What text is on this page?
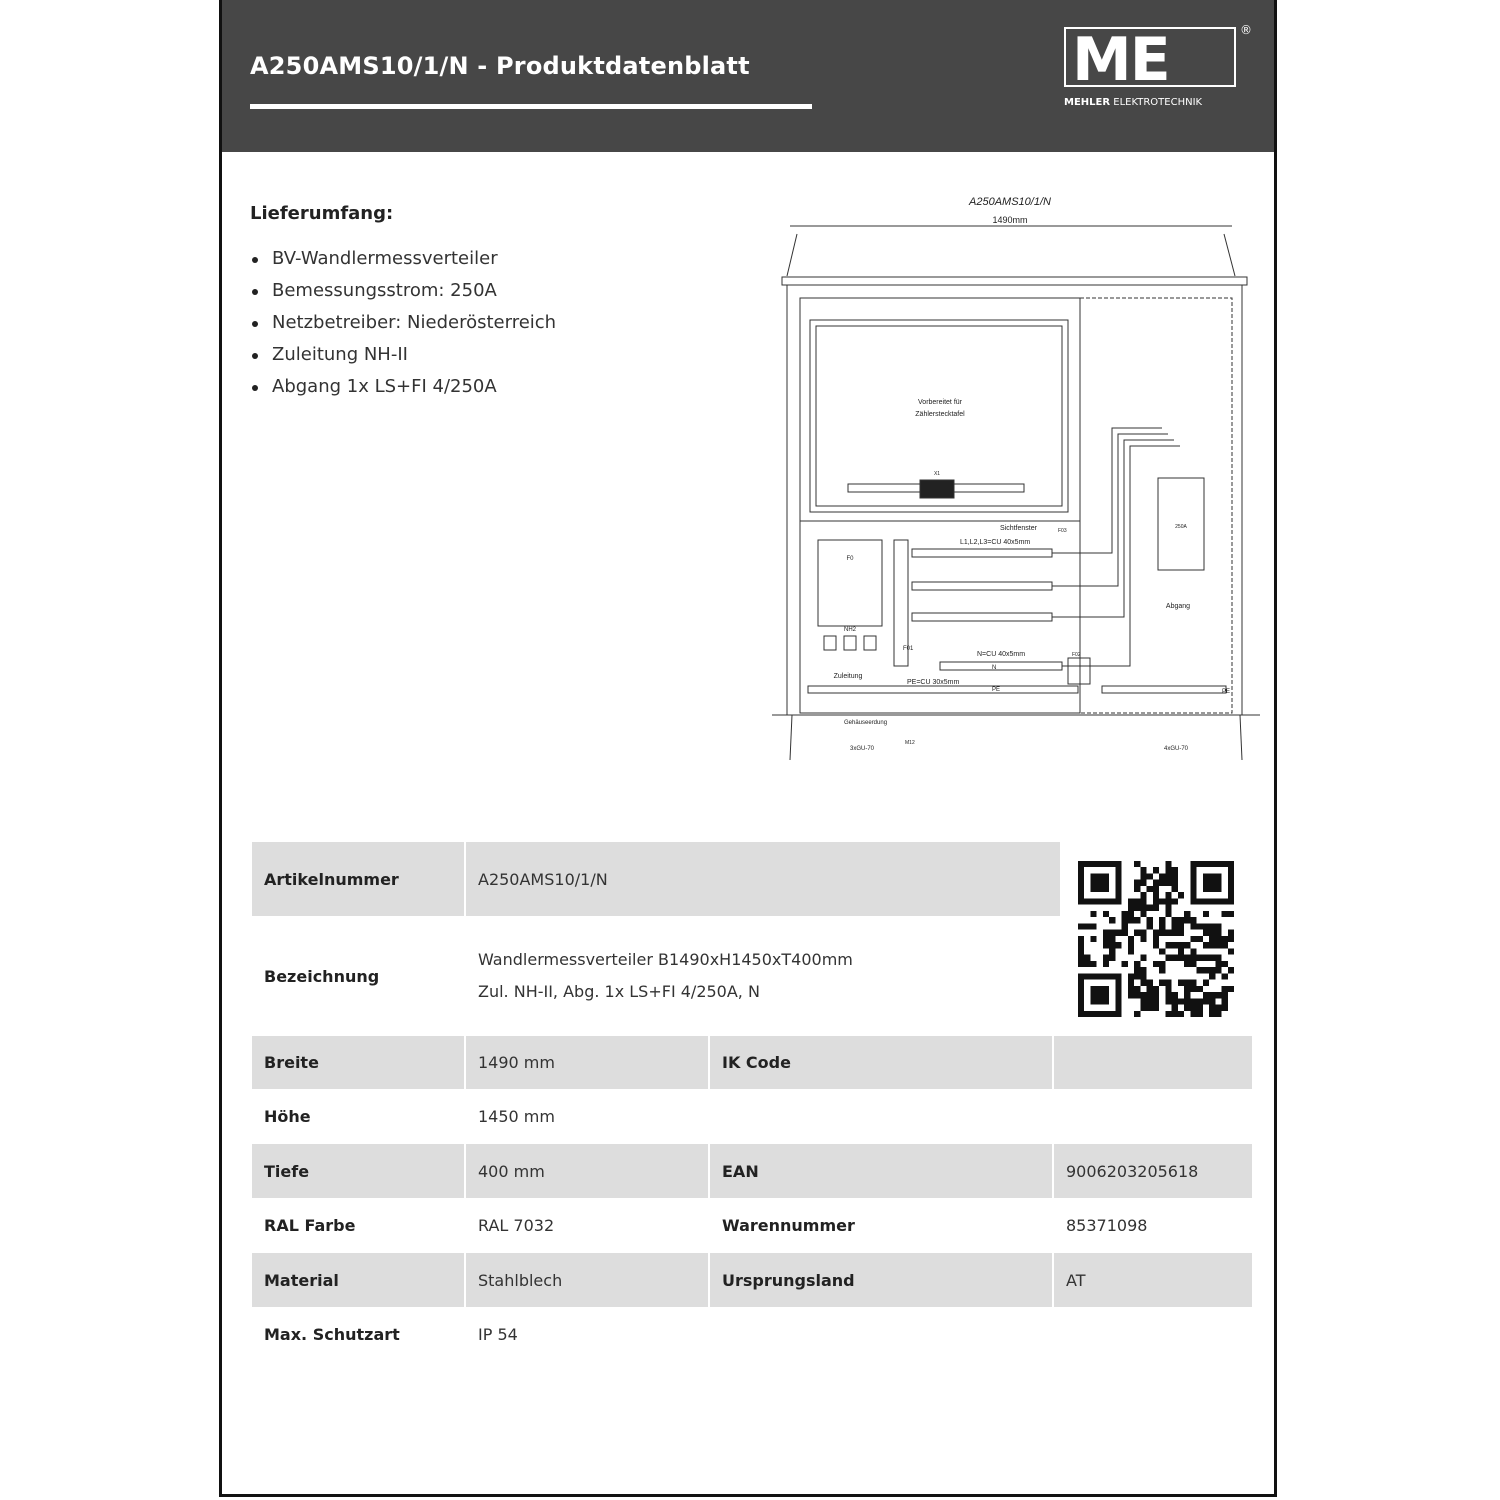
A250AMS10/1/N - Produktdatenblatt	ME	®
MEHLER ELEKTROTECHNIK
Lieferumfang:
BV-Wandlermessverteiler
Bemessungsstrom: 250A
Netzbetreiber: Niederösterreich
Zuleitung NH-II
Abgang 1x LS+FI 4/250A
A250AMS10/1/N
1490mm
Vorbereitet für
Zählerstecktafel
X1
F0
NH2
Zuleitung
F01
L1,L2,L3=CU 40x5mm
Sichtfenster	F03
N=CU 40x5mm
N
PE=CU 30x5mm
PE	PE
F02
250A
Abgang
Gehäuseerdung
3xGU-70
M12
4xGU-70
Artikelnummer	A250AMS10/1/N
Bezeichnung
Wandlermessverteiler B1490xH1450xT400mm
Zul. NH-II, Abg. 1x LS+FI 4/250A, N
Breite	1490 mm	IK Code
Höhe	1450 mm
Tiefe	400 mm	EAN	9006203205618
RAL Farbe	RAL 7032	Warennummer	85371098
Material	Stahlblech	Ursprungsland	AT
Max. Schutzart	IP 54
